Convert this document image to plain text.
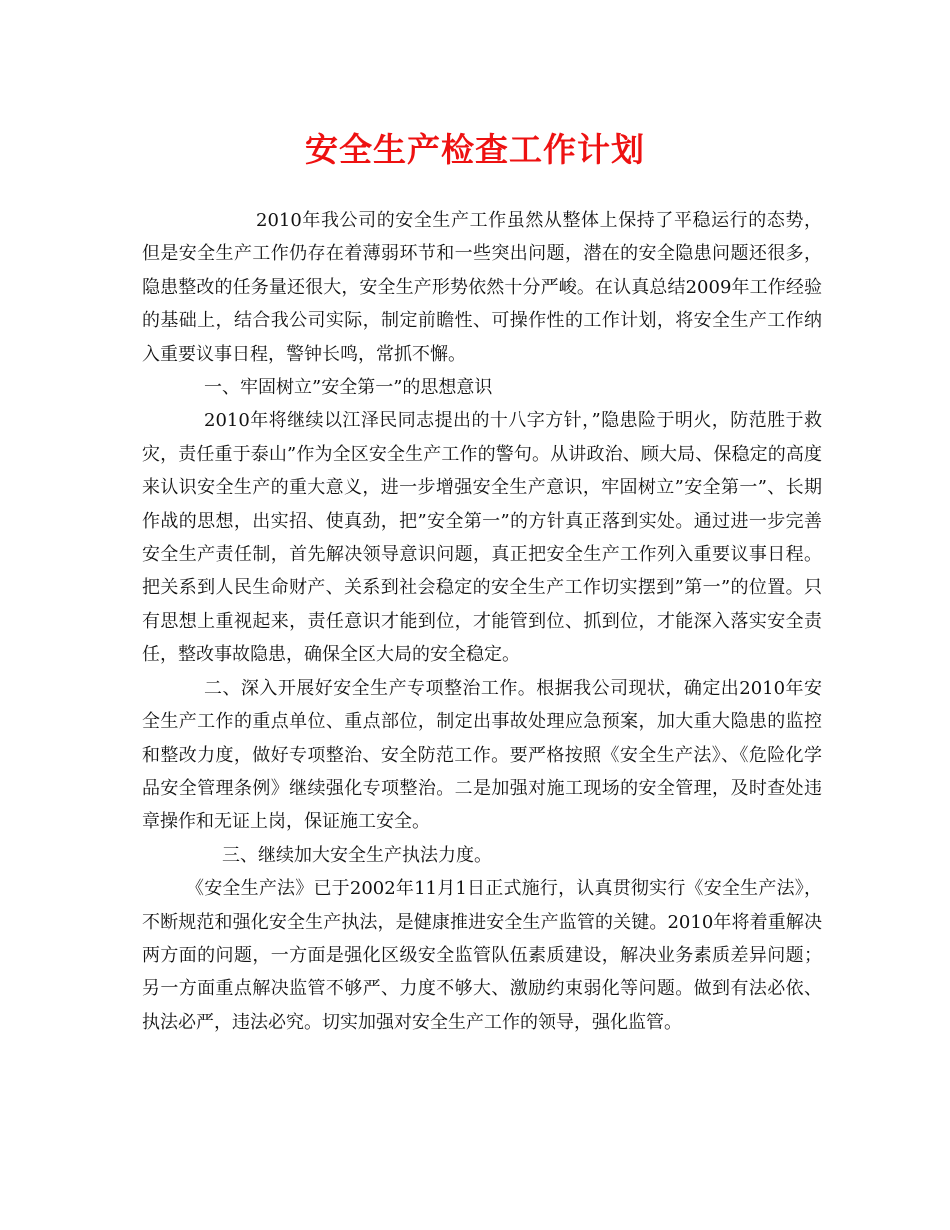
安全生产检查工作计划

2010年我公司的安全生产工作虽然从整体上保持了平稳运行的态势，但是安全生产工作仍存在着薄弱环节和一些突出问题，潜在的安全隐患问题还很多，隐患整改的任务量还很大，安全生产形势依然十分严峻。在认真总结2009年工作经验的基础上，结合我公司实际，制定前瞻性、可操作性的工作计划，将安全生产工作纳入重要议事日程，警钟长鸣，常抓不懈。

一、牢固树立”安全第一”的思想意识

2010年将继续以江泽民同志提出的十八字方针，”隐患险于明火，防范胜于救灾，责任重于泰山”作为全区安全生产工作的警句。从讲政治、顾大局、保稳定的高度来认识安全生产的重大意义，进一步增强安全生产意识，牢固树立”安全第一”、长期作战的思想，出实招、使真劲，把”安全第一”的方针真正落到实处。通过进一步完善安全生产责任制，首先解决领导意识问题，真正把安全生产工作列入重要议事日程。把关系到人民生命财产、关系到社会稳定的安全生产工作切实摆到”第一”的位置。只有思想上重视起来，责任意识才能到位，才能管到位、抓到位，才能深入落实安全责任，整改事故隐患，确保全区大局的安全稳定。

二、深入开展好安全生产专项整治工作。根据我公司现状，确定出2010年安全生产工作的重点单位、重点部位，制定出事故处理应急预案，加大重大隐患的监控和整改力度，做好专项整治、安全防范工作。要严格按照《安全生产法》、《危险化学品安全管理条例》继续强化专项整治。二是加强对施工现场的安全管理，及时查处违章操作和无证上岗，保证施工安全。

三、继续加大安全生产执法力度。

《安全生产法》已于2002年11月1日正式施行，认真贯彻实行《安全生产法》，不断规范和强化安全生产执法，是健康推进安全生产监管的关键。2010年将着重解决两方面的问题，一方面是强化区级安全监管队伍素质建设，解决业务素质差异问题；另一方面重点解决监管不够严、力度不够大、激励约束弱化等问题。做到有法必依、执法必严，违法必究。切实加强对安全生产工作的领导，强化监管。
